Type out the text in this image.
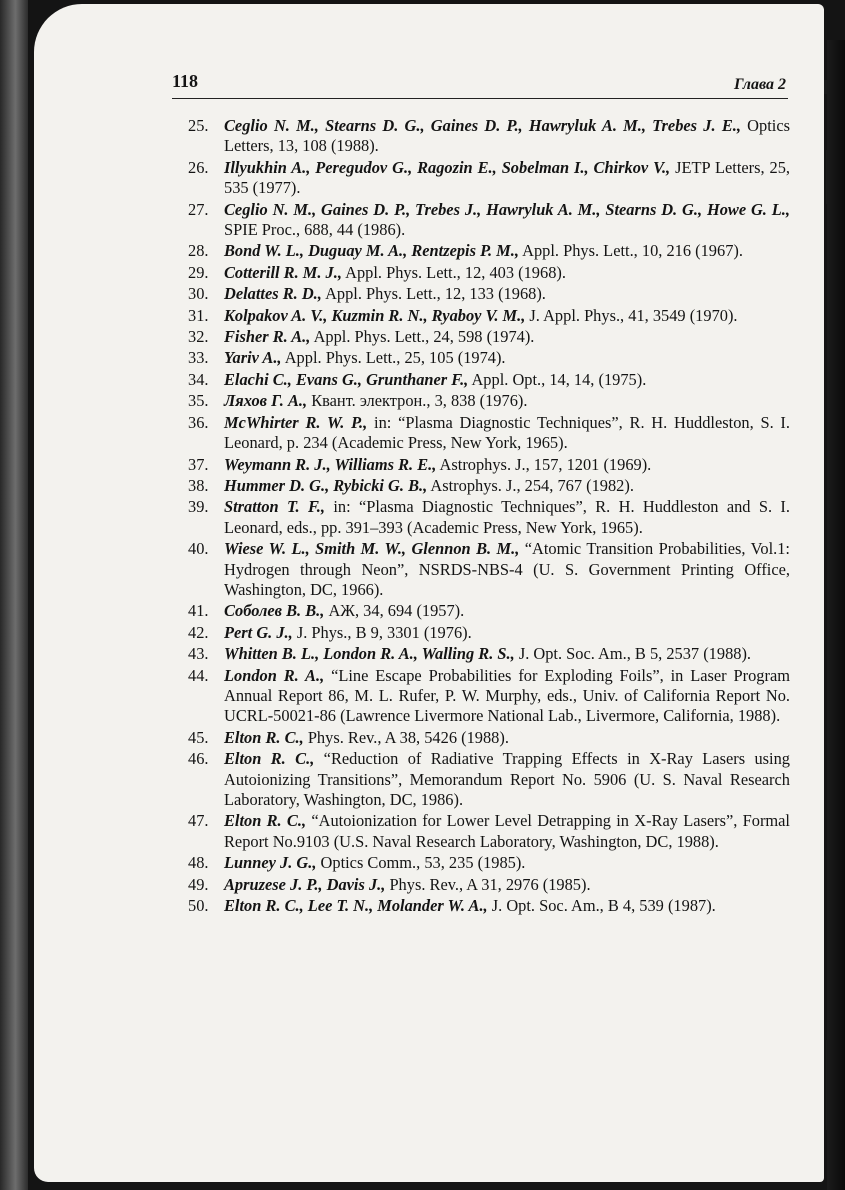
118	Глава 2
25. Ceglio N. M., Stearns D. G., Gaines D. P., Hawryluk A. M., Trebes J. E., Optics Letters, 13, 108 (1988).
26. Illyukhin A., Peregudov G., Ragozin E., Sobelman I., Chirkov V., JETP Letters, 25, 535 (1977).
27. Ceglio N. M., Gaines D. P., Trebes J., Hawryluk A. M., Stearns D. G., Howe G. L., SPIE Proc., 688, 44 (1986).
28. Bond W. L., Duguay M. A., Rentzepis P. M., Appl. Phys. Lett., 10, 216 (1967).
29. Cotterill R. M. J., Appl. Phys. Lett., 12, 403 (1968).
30. Delattes R. D., Appl. Phys. Lett., 12, 133 (1968).
31. Kolpakov A. V., Kuzmin R. N., Ryaboy V. M., J. Appl. Phys., 41, 3549 (1970).
32. Fisher R. A., Appl. Phys. Lett., 24, 598 (1974).
33. Yariv A., Appl. Phys. Lett., 25, 105 (1974).
34. Elachi C., Evans G., Grunthaner F., Appl. Opt., 14, 14, (1975).
35. Ляхов Г. А., Квант. электрон., 3, 838 (1976).
36. McWhirter R. W. P., in: “Plasma Diagnostic Techniques”, R. H. Huddleston, S. I. Leonard, p. 234 (Academic Press, New York, 1965).
37. Weymann R. J., Williams R. E., Astrophys. J., 157, 1201 (1969).
38. Hummer D. G., Rybicki G. B., Astrophys. J., 254, 767 (1982).
39. Stratton T. F., in: “Plasma Diagnostic Techniques”, R. H. Huddleston and S. I. Leonard, eds., pp. 391–393 (Academic Press, New York, 1965).
40. Wiese W. L., Smith M. W., Glennon B. M., “Atomic Transition Probabilities, Vol.1: Hydrogen through Neon”, NSRDS-NBS-4 (U. S. Government Printing Office, Washington, DC, 1966).
41. Соболев В. В., АЖ, 34, 694 (1957).
42. Pert G. J., J. Phys., B 9, 3301 (1976).
43. Whitten B. L., London R. A., Walling R. S., J. Opt. Soc. Am., B 5, 2537 (1988).
44. London R. A., “Line Escape Probabilities for Exploding Foils”, in Laser Program Annual Report 86, M. L. Rufer, P. W. Murphy, eds., Univ. of California Report No. UCRL-50021-86 (Lawrence Livermore National Lab., Livermore, California, 1988).
45. Elton R. C., Phys. Rev., A 38, 5426 (1988).
46. Elton R. C., “Reduction of Radiative Trapping Effects in X-Ray Lasers using Autoionizing Transitions”, Memorandum Report No. 5906 (U. S. Naval Research Laboratory, Washington, DC, 1986).
47. Elton R. C., “Autoionization for Lower Level Detrapping in X-Ray Lasers”, Formal Report No.9103 (U.S. Naval Research Laboratory, Washington, DC, 1988).
48. Lunney J. G., Optics Comm., 53, 235 (1985).
49. Apruzese J. P., Davis J., Phys. Rev., A 31, 2976 (1985).
50. Elton R. C., Lee T. N., Molander W. A., J. Opt. Soc. Am., B 4, 539 (1987).
